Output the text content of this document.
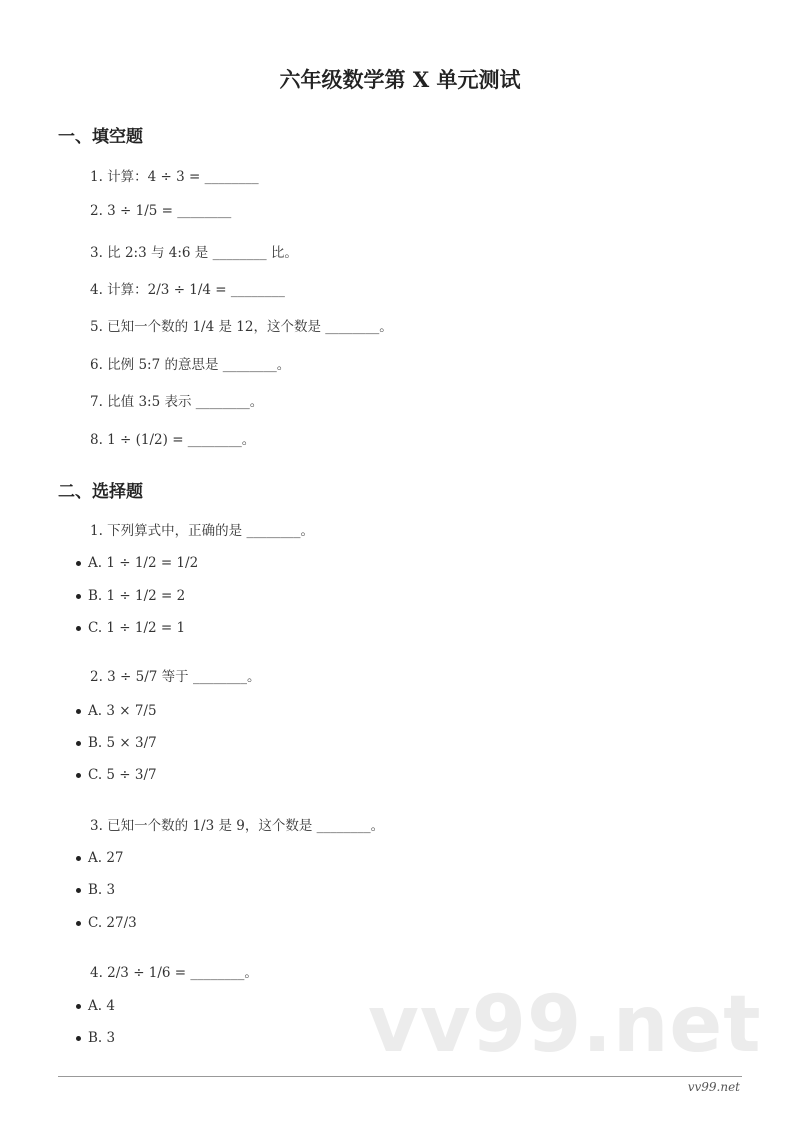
vv99.net
六年级数学第 X 单元测试
一、填空题
1. 计算：4 ÷ 3 = ________
2. 3 ÷ 1/5 = ________
3. 比 2:3 与 4:6 是 ________ 比。
4. 计算：2/3 ÷ 1/4 = ________
5. 已知一个数的 1/4 是 12，这个数是 ________。
6. 比例 5:7 的意思是 ________。
7. 比值 3:5 表示 ________。
8. 1 ÷ (1/2) = ________。
二、选择题
1. 下列算式中，正确的是 ________。
A. 1 ÷ 1/2 = 1/2
B. 1 ÷ 1/2 = 2
C. 1 ÷ 1/2 = 1
2. 3 ÷ 5/7 等于 ________。
A. 3 × 7/5
B. 5 × 3/7
C. 5 ÷ 3/7
3. 已知一个数的 1/3 是 9，这个数是 ________。
A. 27
B. 3
C. 27/3
4. 2/3 ÷ 1/6 = ________。
A. 4
B. 3
vv99.net
